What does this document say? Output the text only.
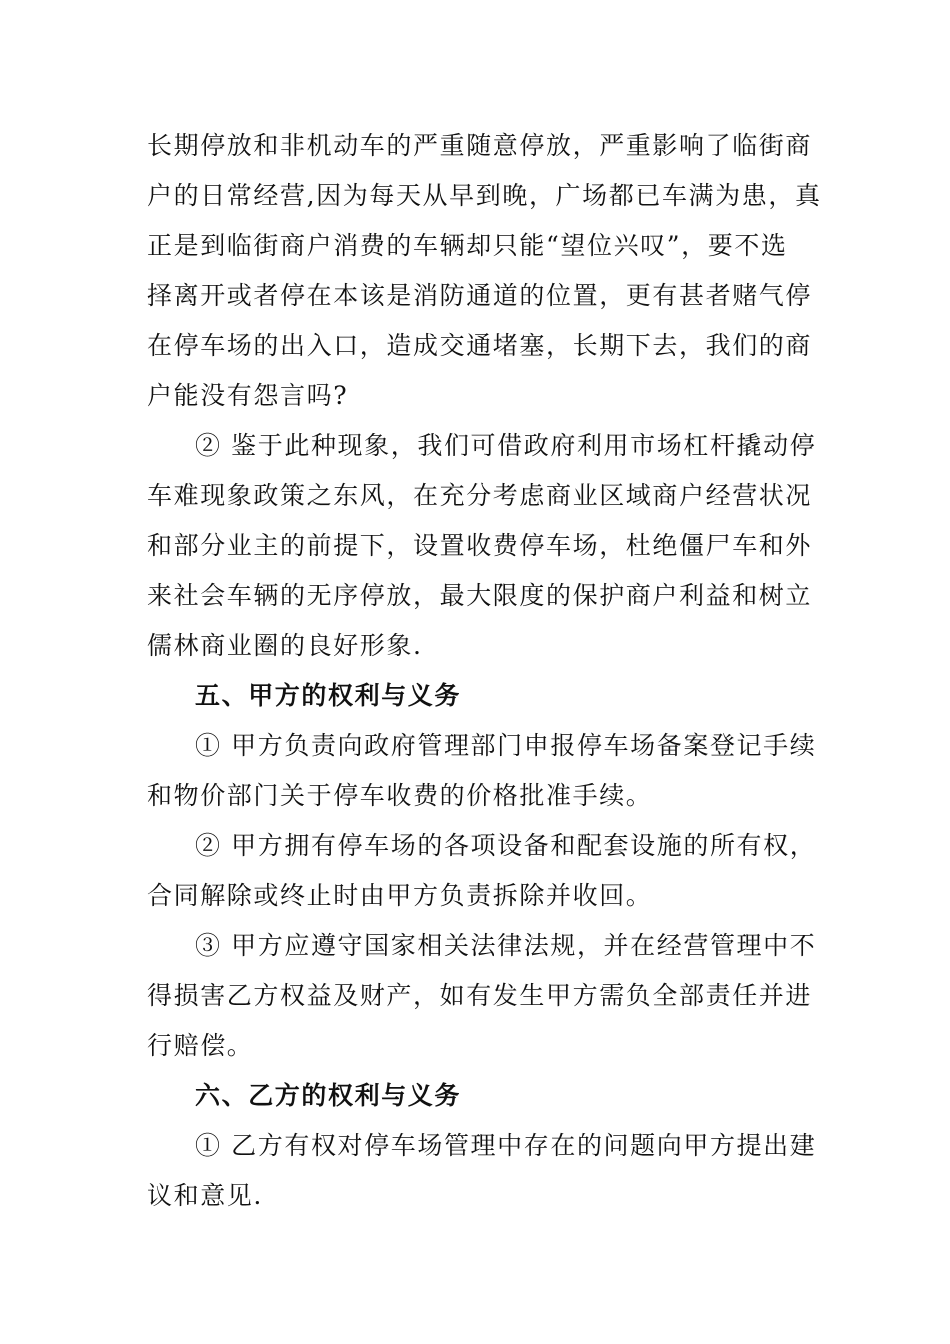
长期停放和非机动车的严重随意停放，严重影响了临街商
户的日常经营,因为每天从早到晚，广场都已车满为患，真
正是到临街商户消费的车辆却只能“望位兴叹”，要不选
择离开或者停在本该是消防通道的位置，更有甚者赌气停
在停车场的出入口，造成交通堵塞，长期下去，我们的商
户能没有怨言吗?
② 鉴于此种现象，我们可借政府利用市场杠杆撬动停
车难现象政策之东风，在充分考虑商业区域商户经营状况
和部分业主的前提下，设置收费停车场，杜绝僵尸车和外
来社会车辆的无序停放，最大限度的保护商户利益和树立
儒林商业圈的良好形象.
五、甲方的权利与义务
① 甲方负责向政府管理部门申报停车场备案登记手续
和物价部门关于停车收费的价格批准手续。
② 甲方拥有停车场的各项设备和配套设施的所有权，
合同解除或终止时由甲方负责拆除并收回。
③ 甲方应遵守国家相关法律法规，并在经营管理中不
得损害乙方权益及财产，如有发生甲方需负全部责任并进
行赔偿。
六、乙方的权利与义务
① 乙方有权对停车场管理中存在的问题向甲方提出建
议和意见.
